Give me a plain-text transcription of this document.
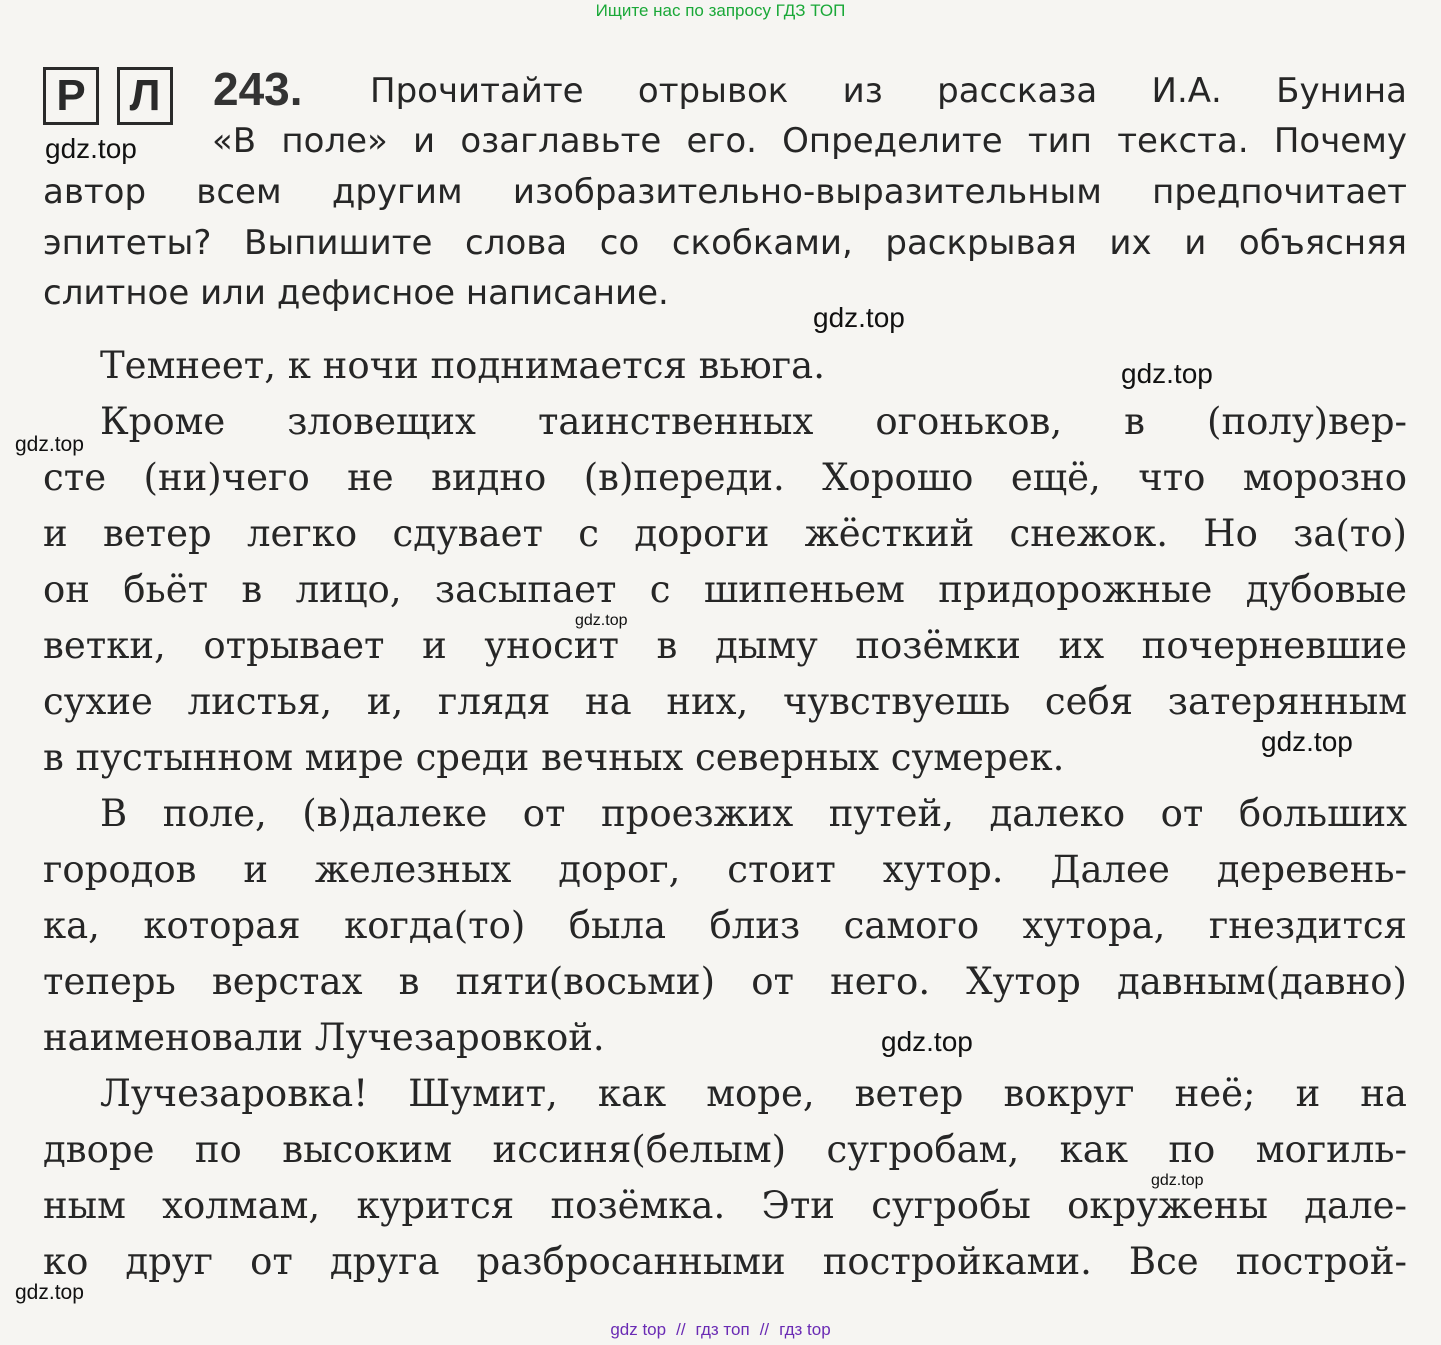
Ищите нас по запросу ГДЗ ТОП
Р Л 243. Прочитайте отрывок из рассказа И.А. Бунина
«В поле» и озаглавьте его. Определите тип текста. Почему
автор всем другим изобразительно-выразительным предпочитает
эпитеты? Выпишите слова со скобками, раскрывая их и объясняя
слитное или дефисное написание.
Темнеет, к ночи поднимается вьюга.
Кроме зловещих таинственных огоньков, в (полу)вер-
сте (ни)чего не видно (в)переди. Хорошо ещё, что морозно
и ветер легко сдувает с дороги жёсткий снежок. Но за(то)
он бьёт в лицо, засыпает с шипеньем придорожные дубовые
ветки, отрывает и уносит в дыму позёмки их почерневшие
сухие листья, и, глядя на них, чувствуешь себя затерянным
в пустынном мире среди вечных северных сумерек.
В поле, (в)далеке от проезжих путей, далеко от больших
городов и железных дорог, стоит хутор. Далее деревень-
ка, которая когда(то) была близ самого хутора, гнездится
теперь верстах в пяти(восьми) от него. Хутор давным(давно)
наименовали Лучезаровкой.
Лучезаровка! Шумит, как море, ветер вокруг неё; и на
дворе по высоким иссиня(белым) сугробам, как по могиль-
ным холмам, курится позёмка. Эти сугробы окружены дале-
ко друг от друга разбросанными постройками. Все построй-
gdz.top
gdz.top
gdz.top
gdz.top
gdz.top
gdz.top
gdz.top
gdz.top
gdz.top
gdz top // гдз топ // гдз top
